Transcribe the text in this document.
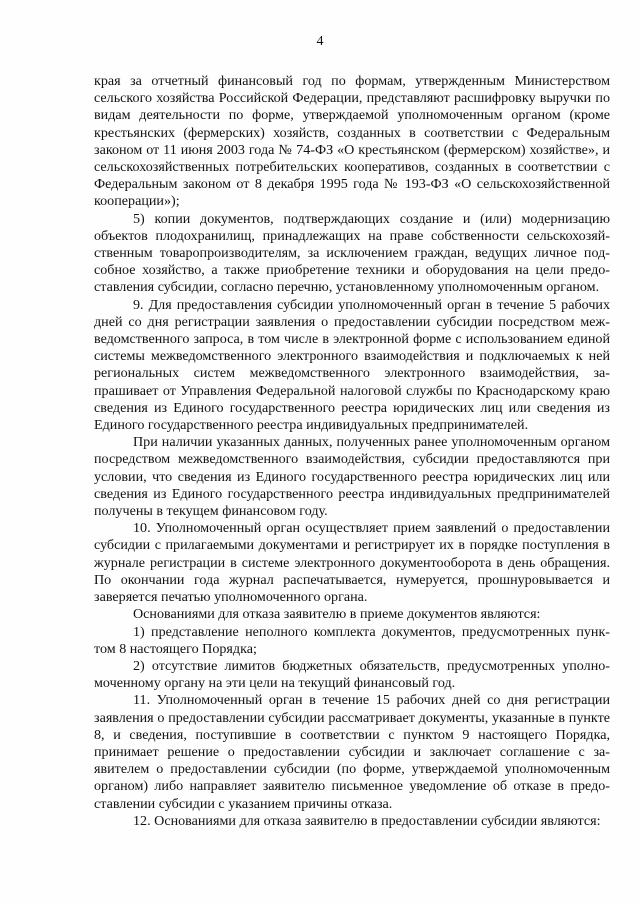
4

края за отчетный финансовый год по формам, утвержденным Министерством сельского хозяйства Российской Федерации, представляют расшифровку выручки по видам деятельности по форме, утверждаемой уполномоченным органом (кроме крестьянских (фермерских) хозяйств, созданных в соответствии с Федеральным законом от 11 июня 2003 года № 74-ФЗ «О крестьянском (фермерском) хозяйстве», и сельскохозяйственных потребительских кооперативов, созданных в соответствии с Федеральным законом от 8 декабря 1995 года № 193-ФЗ «О сельскохозяйственной кооперации»);

5) копии документов, подтверждающих создание и (или) модернизацию объектов плодохранилищ, принадлежащих на праве собственности сельскохозяйственным товаропроизводителям, за исключением граждан, ведущих личное подсобное хозяйство, а также приобретение техники и оборудования на цели предоставления субсидии, согласно перечню, установленному уполномоченным органом.

9. Для предоставления субсидии уполномоченный орган в течение 5 рабочих дней со дня регистрации заявления о предоставлении субсидии посредством межведомственного запроса, в том числе в электронной форме с использованием единой системы межведомственного электронного взаимодействия и подключаемых к ней региональных систем межведомственного электронного взаимодействия, запрашивает от Управления Федеральной налоговой службы по Краснодарскому краю сведения из Единого государственного реестра юридических лиц или сведения из Единого государственного реестра индивидуальных предпринимателей.

При наличии указанных данных, полученных ранее уполномоченным органом посредством межведомственного взаимодействия, субсидии предоставляются при условии, что сведения из Единого государственного реестра юридических лиц или сведения из Единого государственного реестра индивидуальных предпринимателей получены в текущем финансовом году.

10. Уполномоченный орган осуществляет прием заявлений о предоставлении субсидии с прилагаемыми документами и регистрирует их в порядке поступления в журнале регистрации в системе электронного документооборота в день обращения. По окончании года журнал распечатывается, нумеруется, прошнуровывается и заверяется печатью уполномоченного органа.

Основаниями для отказа заявителю в приеме документов являются:

1) представление неполного комплекта документов, предусмотренных пунктом 8 настоящего Порядка;

2) отсутствие лимитов бюджетных обязательств, предусмотренных уполномоченному органу на эти цели на текущий финансовый год.

11. Уполномоченный орган в течение 15 рабочих дней со дня регистрации заявления о предоставлении субсидии рассматривает документы, указанные в пункте 8, и сведения, поступившие в соответствии с пунктом 9 настоящего Порядка, принимает решение о предоставлении субсидии и заключает соглашение с заявителем о предоставлении субсидии (по форме, утверждаемой уполномоченным органом) либо направляет заявителю письменное уведомление об отказе в предоставлении субсидии с указанием причины отказа.

12. Основаниями для отказа заявителю в предоставлении субсидии являются:
